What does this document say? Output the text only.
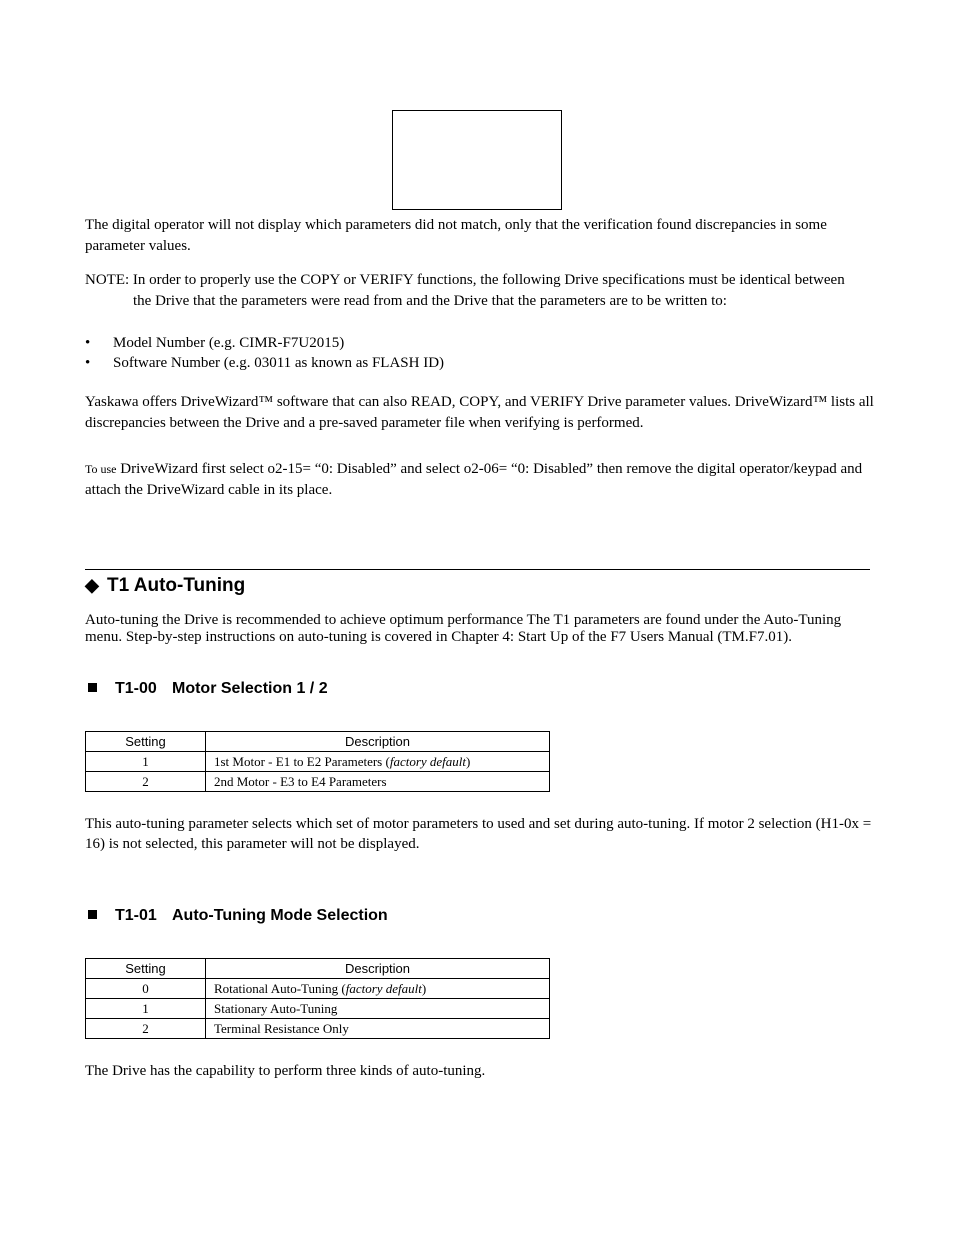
The digital operator will not display which parameters did not match, only that the verification found discrepancies in some parameter values.

NOTE: In order to properly use the COPY or VERIFY functions, the following Drive specifications must be identical between
the Drive that the parameters were read from and the Drive that the parameters are to be written to:
• Model Number (e.g. CIMR-F7U2015)
• Software Number (e.g. 03011 as known as FLASH ID)

Yaskawa offers DriveWizard™ software that can also READ, COPY, and VERIFY Drive parameter values. DriveWizard™ lists all discrepancies between the Drive and a pre-saved parameter file when verifying is performed.

To use DriveWizard first select o2-15= “0: Disabled” and select o2-06= “0: Disabled” then remove the digital operator/keypad and attach the DriveWizard cable in its place.

◆ T1 Auto-Tuning

Auto-tuning the Drive is recommended to achieve optimum performance The T1 parameters are found under the Auto-Tuning menu. Step-by-step instructions on auto-tuning is covered in Chapter 4: Start Up of the F7 Users Manual (TM.F7.01).

T1-00 Motor Selection 1 / 2
Setting	Description
1	1st Motor - E1 to E2 Parameters (factory default)
2	2nd Motor - E3 to E4 Parameters

This auto-tuning parameter selects which set of motor parameters to used and set during auto-tuning. If motor 2 selection (H1-0x = 16) is not selected, this parameter will not be displayed.

T1-01 Auto-Tuning Mode Selection
Setting	Description
0	Rotational Auto-Tuning (factory default)
1	Stationary Auto-Tuning
2	Terminal Resistance Only

The Drive has the capability to perform three kinds of auto-tuning.
